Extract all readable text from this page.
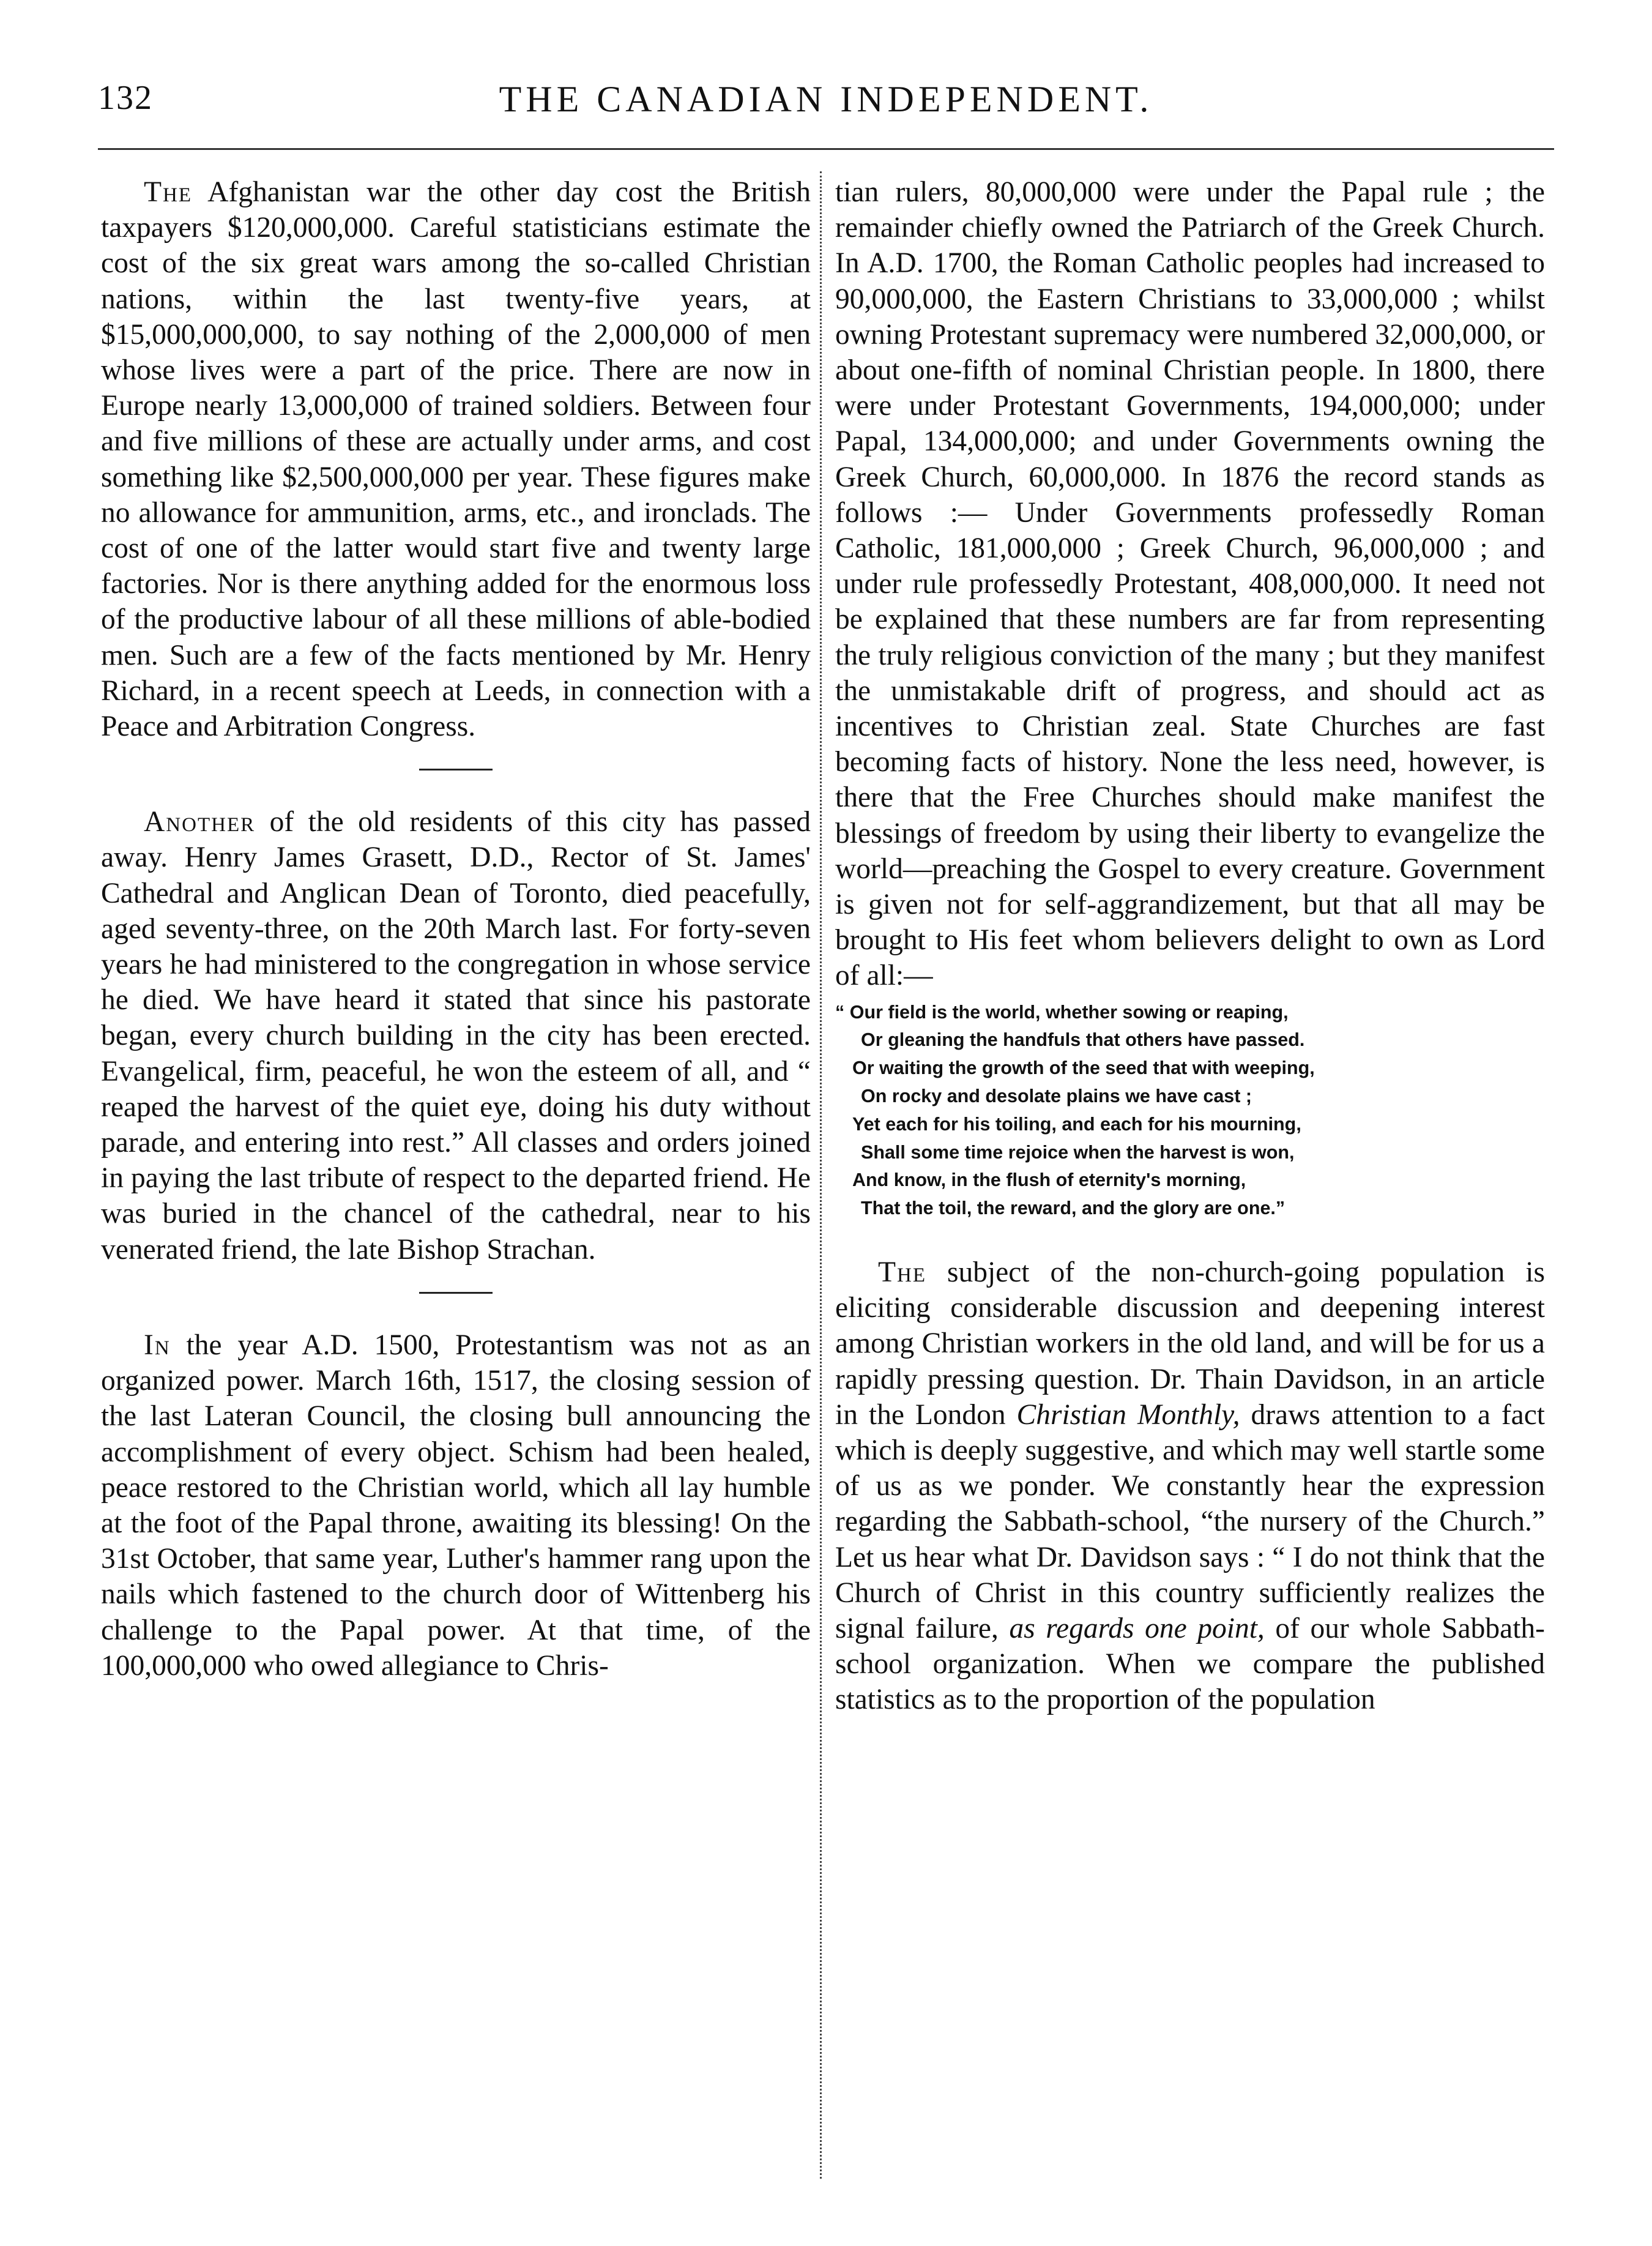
132	THE CANADIAN INDEPENDENT.

The Afghanistan war the other day cost the British taxpayers $120,000,000. Careful statisticians estimate the cost of the six great wars among the so-called Christian nations, within the last twenty-five years, at $15,000,000,000, to say nothing of the 2,000,000 of men whose lives were a part of the price. There are now in Europe nearly 13,000,000 of trained soldiers. Between four and five millions of these are actually under arms, and cost something like $2,500,000,000 per year. These figures make no allowance for ammunition, arms, etc., and ironclads. The cost of one of the latter would start five and twenty large factories. Nor is there anything added for the enormous loss of the productive labour of all these millions of able-bodied men. Such are a few of the facts mentioned by Mr. Henry Richard, in a recent speech at Leeds, in connection with a Peace and Arbitration Congress.

Another of the old residents of this city has passed away. Henry James Grasett, D.D., Rector of St. James' Cathedral and Anglican Dean of Toronto, died peacefully, aged seventy-three, on the 20th March last. For forty-seven years he had ministered to the congregation in whose service he died. We have heard it stated that since his pastorate began, every church building in the city has been erected. Evangelical, firm, peaceful, he won the esteem of all, and “ reaped the harvest of the quiet eye, doing his duty without parade, and entering into rest.” All classes and orders joined in paying the last tribute of respect to the departed friend. He was buried in the chancel of the cathedral, near to his venerated friend, the late Bishop Strachan.

In the year A.D. 1500, Protestantism was not as an organized power. March 16th, 1517, the closing session of the last Lateran Council, the closing bull announcing the accomplishment of every object. Schism had been healed, peace restored to the Christian world, which all lay humble at the foot of the Papal throne, awaiting its blessing! On the 31st October, that same year, Luther's hammer rang upon the nails which fastened to the church door of Wittenberg his challenge to the Papal power. At that time, of the 100,000,000 who owed allegiance to Chris-

tian rulers, 80,000,000 were under the Papal rule ; the remainder chiefly owned the Patriarch of the Greek Church. In A.D. 1700, the Roman Catholic peoples had increased to 90,000,000, the Eastern Christians to 33,000,000 ; whilst owning Protestant supremacy were numbered 32,000,000, or about one-fifth of nominal Christian people. In 1800, there were under Protestant Governments, 194,000,000; under Papal, 134,000,000; and under Governments owning the Greek Church, 60,000,000. In 1876 the record stands as follows :— Under Governments professedly Roman Catholic, 181,000,000 ; Greek Church, 96,000,000 ; and under rule professedly Protestant, 408,000,000. It need not be explained that these numbers are far from representing the truly religious conviction of the many ; but they manifest the unmistakable drift of progress, and should act as incentives to Christian zeal. State Churches are fast becoming facts of history. None the less need, however, is there that the Free Churches should make manifest the blessings of freedom by using their liberty to evangelize the world—preaching the Gospel to every creature. Government is given not for self-aggrandizement, but that all may be brought to His feet whom believers delight to own as Lord of all:—

“ Our field is the world, whether sowing or reaping,
Or gleaning the handfuls that others have passed.
Or waiting the growth of the seed that with weeping,
On rocky and desolate plains we have cast ;
Yet each for his toiling, and each for his mourning,
Shall some time rejoice when the harvest is won,
And know, in the flush of eternity's morning,
That the toil, the reward, and the glory are one.”

The subject of the non-church-going population is eliciting considerable discussion and deepening interest among Christian workers in the old land, and will be for us a rapidly pressing question. Dr. Thain Davidson, in an article in the London Christian Monthly, draws attention to a fact which is deeply suggestive, and which may well startle some of us as we ponder. We constantly hear the expression regarding the Sabbath-school, “the nursery of the Church.” Let us hear what Dr. Davidson says : “ I do not think that the Church of Christ in this country sufficiently realizes the signal failure, as regards one point, of our whole Sabbath-school organization. When we compare the published statistics as to the proportion of the population
